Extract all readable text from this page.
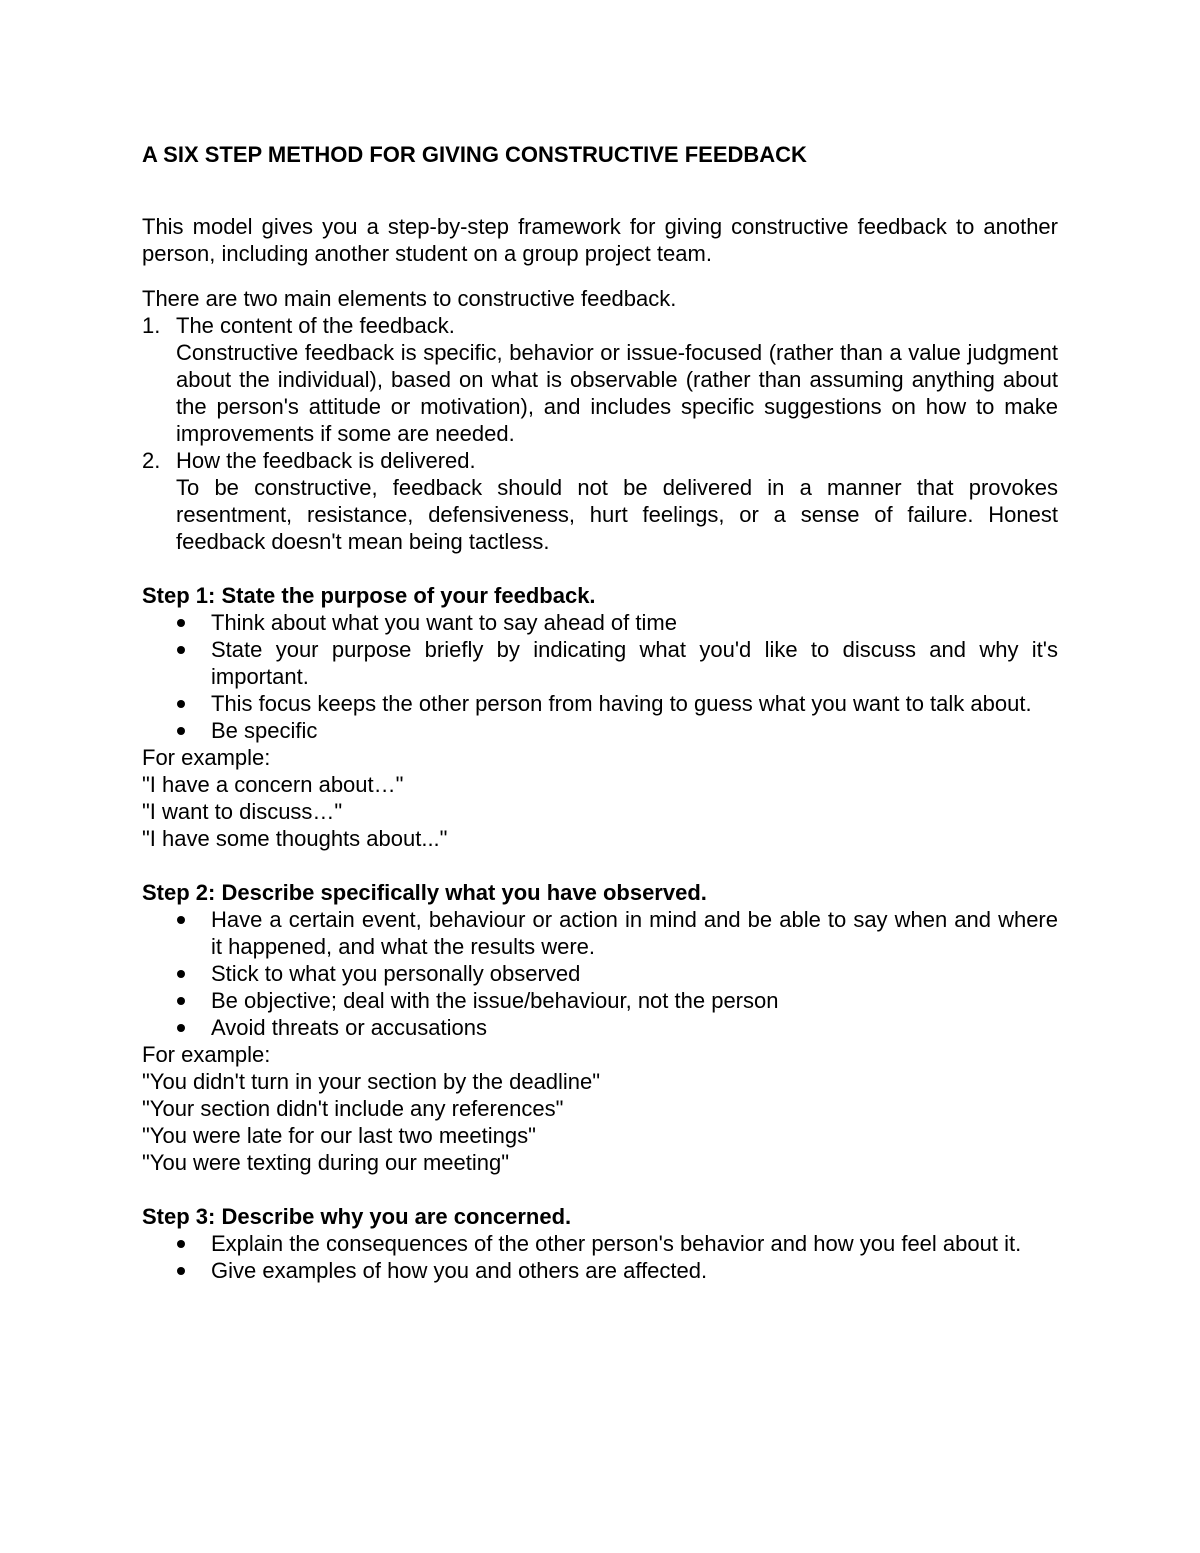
A SIX STEP METHOD FOR GIVING CONSTRUCTIVE FEEDBACK

This model gives you a step-by-step framework for giving constructive feedback to another person, including another student on a group project team.

There are two main elements to constructive feedback.

1. The content of the feedback.
Constructive feedback is specific, behavior or issue-focused (rather than a value judgment about the individual), based on what is observable (rather than assuming anything about the person's attitude or motivation), and includes specific suggestions on how to make improvements if some are needed.
2. How the feedback is delivered.
To be constructive, feedback should not be delivered in a manner that provokes resentment, resistance, defensiveness, hurt feelings, or a sense of failure. Honest feedback doesn't mean being tactless.
Step 1: State the purpose of your feedback.
Think about what you want to say ahead of time
State your purpose briefly by indicating what you'd like to discuss and why it's important.
This focus keeps the other person from having to guess what you want to talk about.
Be specific

For example:

"I have a concern about…"

"I want to discuss…"

"I have some thoughts about..."

Step 2: Describe specifically what you have observed.
Have a certain event, behaviour or action in mind and be able to say when and where it happened, and what the results were.
Stick to what you personally observed
Be objective; deal with the issue/behaviour, not the person
Avoid threats or accusations

For example:

"You didn't turn in your section by the deadline"

"Your section didn't include any references"

"You were late for our last two meetings"

"You were texting during our meeting"

Step 3: Describe why you are concerned.
Explain the consequences of the other person's behavior and how you feel about it.
Give examples of how you and others are affected.
